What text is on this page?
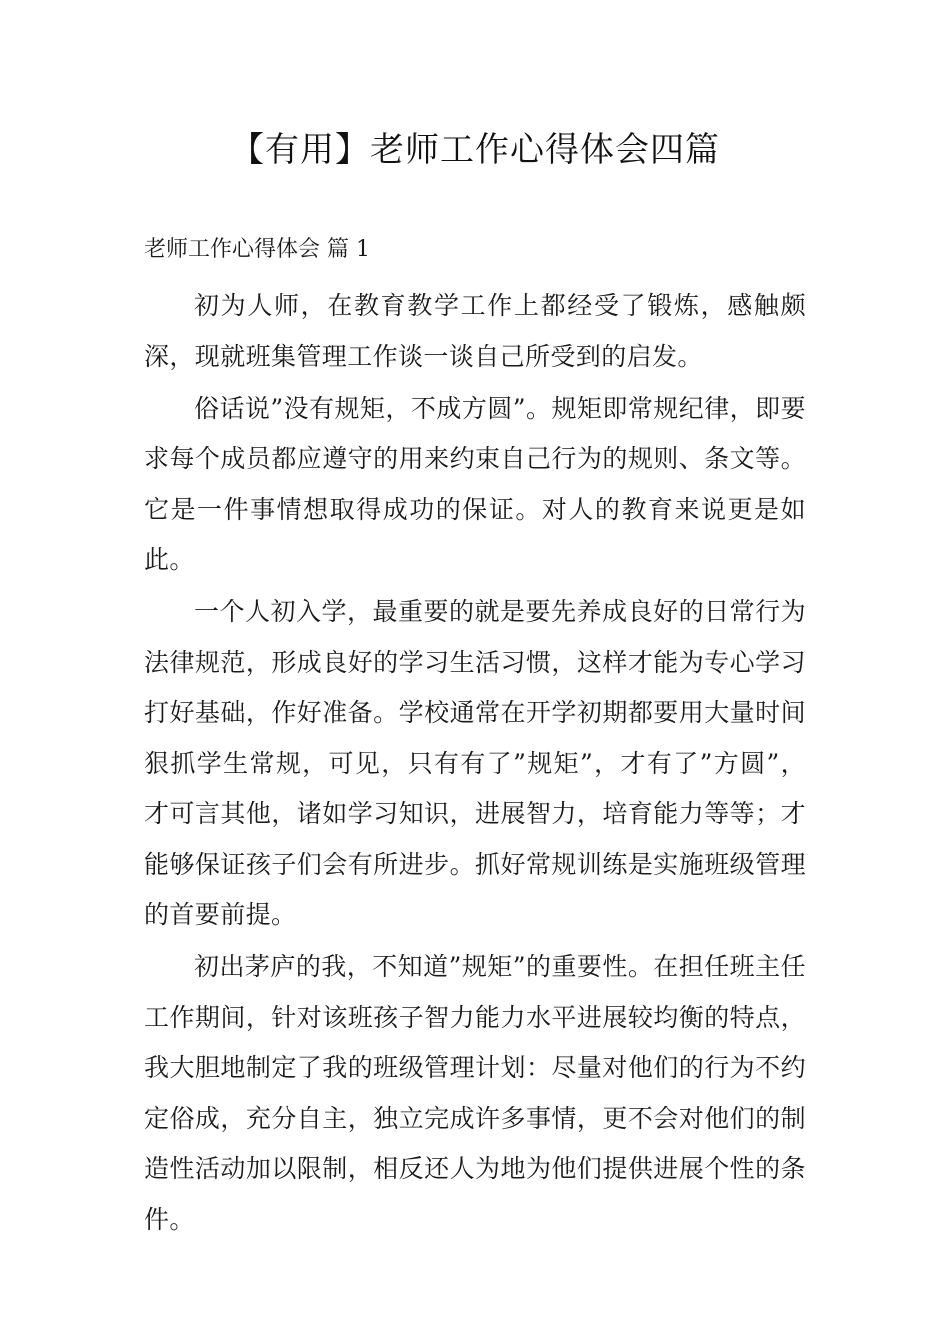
【有用】老师工作心得体会四篇
老师工作心得体会 篇 1

初为人师，在教育教学工作上都经受了锻炼，感触颇深，现就班集管理工作谈一谈自己所受到的启发。

俗话说”没有规矩，不成方圆”。规矩即常规纪律，即要求每个成员都应遵守的用来约束自己行为的规则、条文等。它是一件事情想取得成功的保证。对人的教育来说更是如此。

一个人初入学，最重要的就是要先养成良好的日常行为法律规范，形成良好的学习生活习惯，这样才能为专心学习打好基础，作好准备。学校通常在开学初期都要用大量时间狠抓学生常规，可见，只有有了”规矩”，才有了”方圆”，才可言其他，诸如学习知识，进展智力，培育能力等等；才能够保证孩子们会有所进步。抓好常规训练是实施班级管理的首要前提。

初出茅庐的我，不知道”规矩”的重要性。在担任班主任工作期间，针对该班孩子智力能力水平进展较均衡的特点，我大胆地制定了我的班级管理计划：尽量对他们的行为不约定俗成，充分自主，独立完成许多事情，更不会对他们的制造性活动加以限制，相反还人为地为他们提供进展个性的条件。
